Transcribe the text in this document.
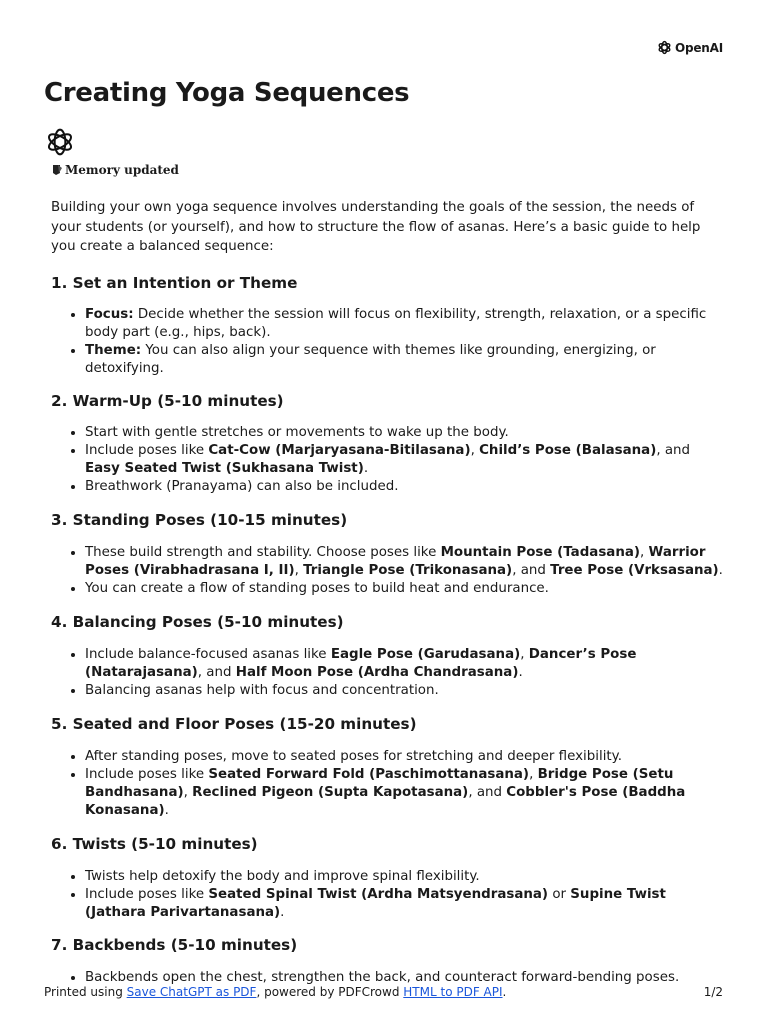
OpenAI
Creating Yoga Sequences
Memory updated

Building your own yoga sequence involves understanding the goals of the session, the needs of your students (or yourself), and how to structure the flow of asanas. Here’s a basic guide to help you create a balanced sequence:

1. Set an Intention or Theme
• Focus: Decide whether the session will focus on flexibility, strength, relaxation, or a specific body part (e.g., hips, back).
• Theme: You can also align your sequence with themes like grounding, energizing, or detoxifying.
2. Warm-Up (5-10 minutes)
• Start with gentle stretches or movements to wake up the body.
• Include poses like Cat-Cow (Marjaryasana-Bitilasana), Child’s Pose (Balasana), and Easy Seated Twist (Sukhasana Twist).
• Breathwork (Pranayama) can also be included.
3. Standing Poses (10-15 minutes)
• These build strength and stability. Choose poses like Mountain Pose (Tadasana), Warrior Poses (Virabhadrasana I, II), Triangle Pose (Trikonasana), and Tree Pose (Vrksasana).
• You can create a flow of standing poses to build heat and endurance.
4. Balancing Poses (5-10 minutes)
• Include balance-focused asanas like Eagle Pose (Garudasana), Dancer’s Pose (Natarajasana), and Half Moon Pose (Ardha Chandrasana).
• Balancing asanas help with focus and concentration.
5. Seated and Floor Poses (15-20 minutes)
• After standing poses, move to seated poses for stretching and deeper flexibility.
• Include poses like Seated Forward Fold (Paschimottanasana), Bridge Pose (Setu Bandhasana), Reclined Pigeon (Supta Kapotasana), and Cobbler's Pose (Baddha Konasana).
6. Twists (5-10 minutes)
• Twists help detoxify the body and improve spinal flexibility.
• Include poses like Seated Spinal Twist (Ardha Matsyendrasana) or Supine Twist (Jathara Parivartanasana).
7. Backbends (5-10 minutes)
• Backbends open the chest, strengthen the back, and counteract forward-bending poses.
Printed using Save ChatGPT as PDF, powered by PDFCrowd HTML to PDF API.	1/2
